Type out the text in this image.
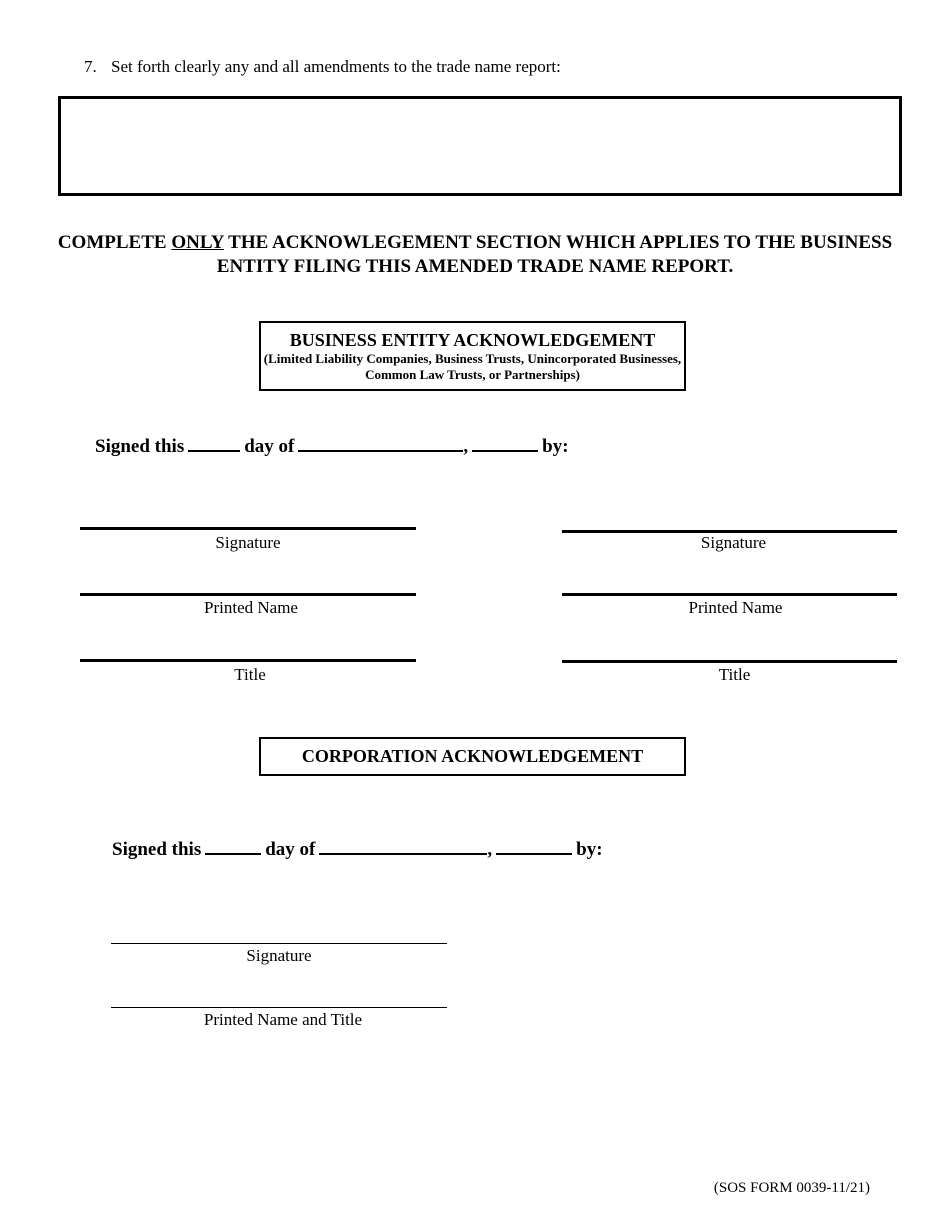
7. Set forth clearly any and all amendments to the trade name report:
COMPLETE ONLY THE ACKNOWLEGEMENT SECTION WHICH APPLIES TO THE BUSINESS ENTITY FILING THIS AMENDED TRADE NAME REPORT.
BUSINESS ENTITY ACKNOWLEDGEMENT
(Limited Liability Companies, Business Trusts, Unincorporated Businesses, Common Law Trusts, or Partnerships)
Signed this	day of	,	by:
Signature
Printed Name
Title
Signature
Printed Name
Title
CORPORATION ACKNOWLEDGEMENT
Signed this	day of	,	by:
Signature
Printed Name and Title
(SOS FORM 0039-11/21)
